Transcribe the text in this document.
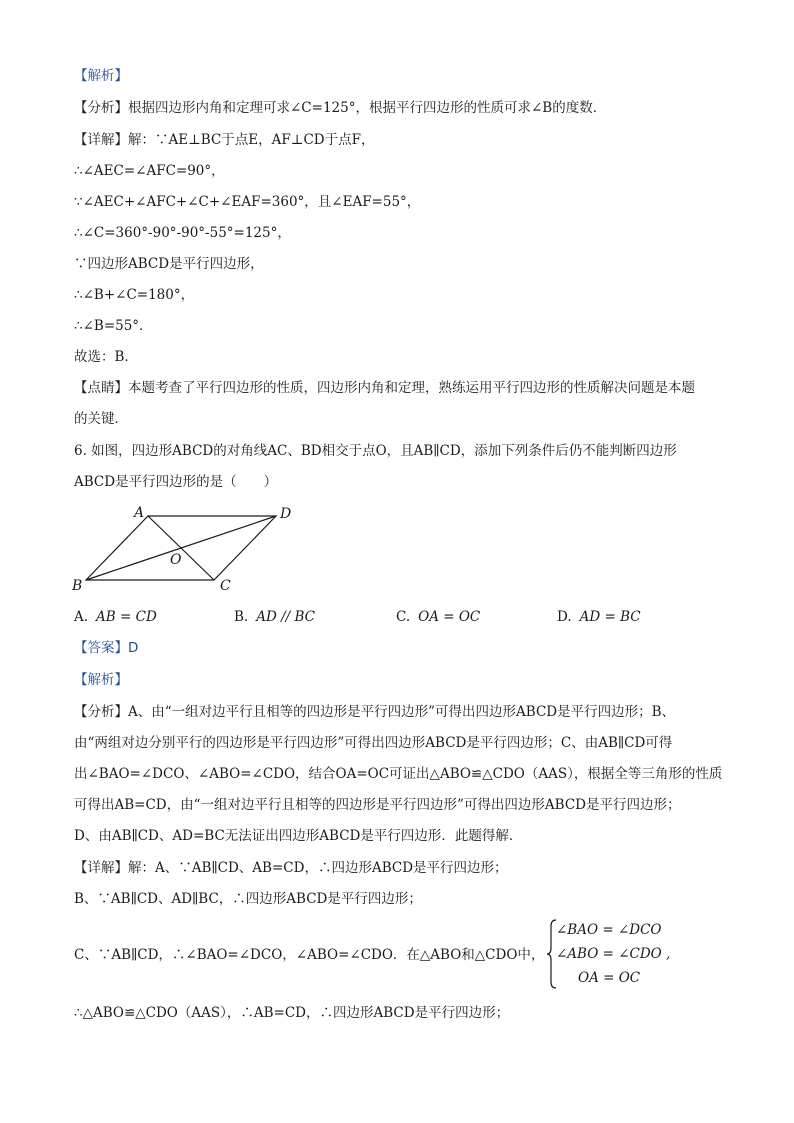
【解析】
【分析】根据四边形内角和定理可求∠C=125°，根据平行四边形的性质可求∠B的度数．
【详解】解：∵AE⊥BC于点E，AF⊥CD于点F，
∴∠AEC=∠AFC=90°，
∵∠AEC+∠AFC+∠C+∠EAF=360°，且∠EAF=55°，
∴∠C=360°-90°-90°-55°=125°，
∵四边形ABCD是平行四边形，
∴∠B+∠C=180°，
∴∠B=55°．
故选：B．
【点睛】本题考查了平行四边形的性质，四边形内角和定理，熟练运用平行四边形的性质解决问题是本题
的关键．
6. 如图，四边形ABCD的对角线AC、BD相交于点O，且AB∥CD，添加下列条件后仍不能判断四边形
ABCD是平行四边形的是（　　）
A	D
B	C
O
A. AB = CD	B. AD // BC	C. OA = OC	D. AD = BC
【答案】D
【解析】
【分析】A、由“一组对边平行且相等的四边形是平行四边形”可得出四边形ABCD是平行四边形；B、
由“两组对边分别平行的四边形是平行四边形”可得出四边形ABCD是平行四边形；C、由AB∥CD可得
出∠BAO=∠DCO、∠ABO=∠CDO，结合OA=OC可证出△ABO≌△CDO（AAS），根据全等三角形的性质
可得出AB=CD，由“一组对边平行且相等的四边形是平行四边形”可得出四边形ABCD是平行四边形；
D、由AB∥CD、AD=BC无法证出四边形ABCD是平行四边形．此题得解．
【详解】解：A、∵AB∥CD、AB=CD，∴四边形ABCD是平行四边形；
B、∵AB∥CD、AD∥BC，∴四边形ABCD是平行四边形；
C、∵AB∥CD，∴∠BAO=∠DCO，∠ABO=∠CDO．在△ABO和△CDO中，
∠BAO = ∠DCO
∠ABO = ∠CDO ,
OA = OC
∴△ABO≌△CDO（AAS），∴AB=CD，∴四边形ABCD是平行四边形；
